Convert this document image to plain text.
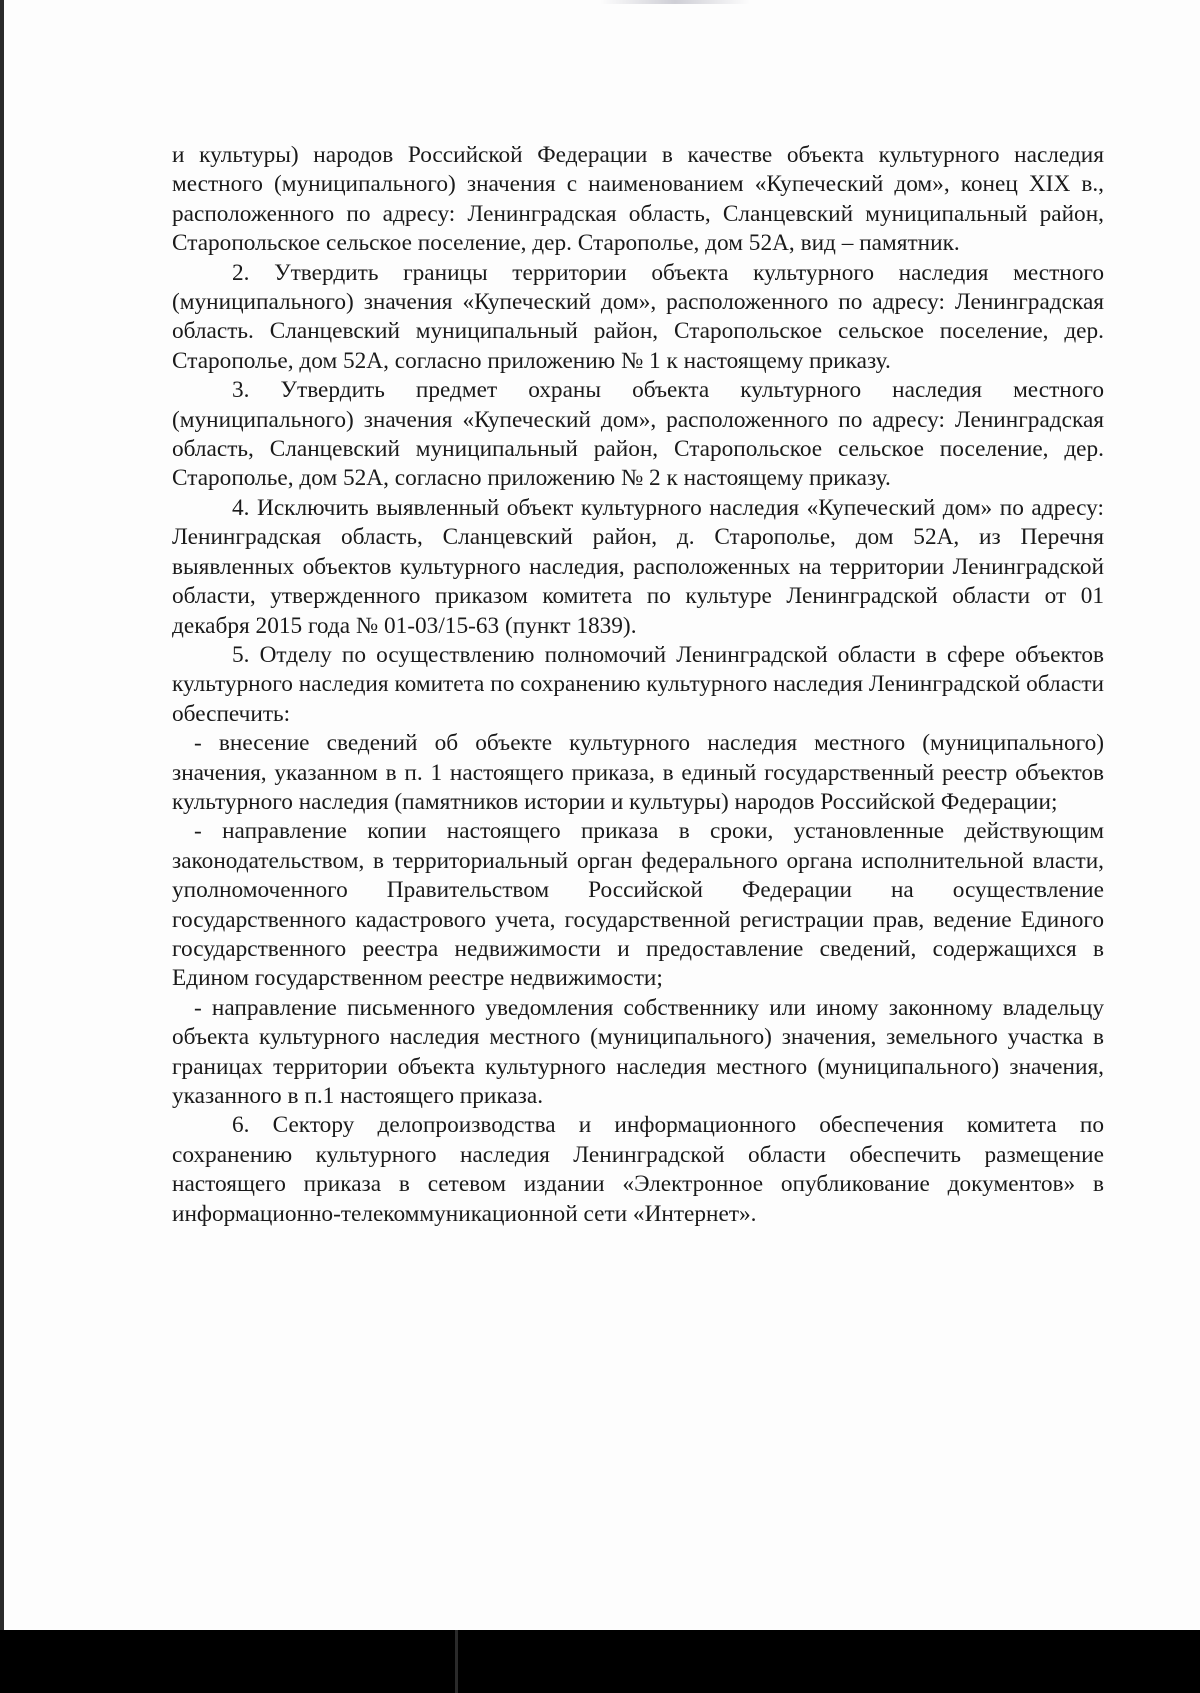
и культуры) народов Российской Федерации в качестве объекта культурного наследия местного (муниципального) значения с наименованием «Купеческий дом», конец XIX в., расположенного по адресу: Ленинградская область, Сланцевский муниципальный район, Старопольское сельское поселение, дер. Старополье, дом 52А, вид – памятник.

2. Утвердить границы территории объекта культурного наследия местного (муниципального) значения «Купеческий дом», расположенного по адресу: Ленинградская область. Сланцевский муниципальный район, Старопольское сельское поселение, дер. Старополье, дом 52А, согласно приложению № 1 к настоящему приказу.

3. Утвердить предмет охраны объекта культурного наследия местного (муниципального) значения «Купеческий дом», расположенного по адресу: Ленинградская область, Сланцевский муниципальный район, Старопольское сельское поселение, дер. Старополье, дом 52А, согласно приложению № 2 к настоящему приказу.

4. Исключить выявленный объект культурного наследия «Купеческий дом» по адресу: Ленинградская область, Сланцевский район, д. Старополье, дом 52А, из Перечня выявленных объектов культурного наследия, расположенных на территории Ленинградской области, утвержденного приказом комитета по культуре Ленинградской области от 01 декабря 2015 года № 01-03/15-63 (пункт 1839).

5. Отделу по осуществлению полномочий Ленинградской области в сфере объектов культурного наследия комитета по сохранению культурного наследия Ленинградской области обеспечить:

- внесение сведений об объекте культурного наследия местного (муниципального) значения, указанном в п. 1 настоящего приказа, в единый государственный реестр объектов культурного наследия (памятников истории и культуры) народов Российской Федерации;

- направление копии настоящего приказа в сроки, установленные действующим законодательством, в территориальный орган федерального органа исполнительной власти, уполномоченного Правительством Российской Федерации на осуществление государственного кадастрового учета, государственной регистрации прав, ведение Единого государственного реестра недвижимости и предоставление сведений, содержащихся в Едином государственном реестре недвижимости;

- направление письменного уведомления собственнику или иному законному владельцу объекта культурного наследия местного (муниципального) значения, земельного участка в границах территории объекта культурного наследия местного (муниципального) значения, указанного в п.1 настоящего приказа.

6. Сектору делопроизводства и информационного обеспечения комитета по сохранению культурного наследия Ленинградской области обеспечить размещение настоящего приказа в сетевом издании «Электронное опубликование документов» в информационно-телекоммуникационной сети «Интернет».
